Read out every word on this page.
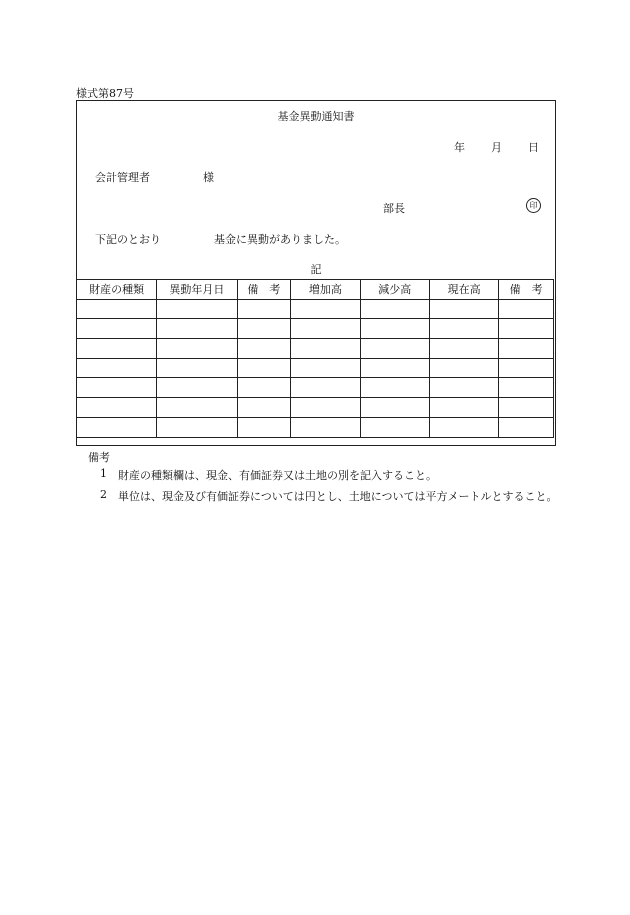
様式第87号
基金異動通知書
年 月 日
会計管理者	様
部長	印
下記のとおり	基金に異動がありました。
記
財産の種類	異動年月日	備　考	増加高	減少高	現在高	備　考

備考
1 財産の種類欄は、現金、有価証券又は土地の別を記入すること。
2 単位は、現金及び有価証券については円とし、土地については平方メートルとすること。
